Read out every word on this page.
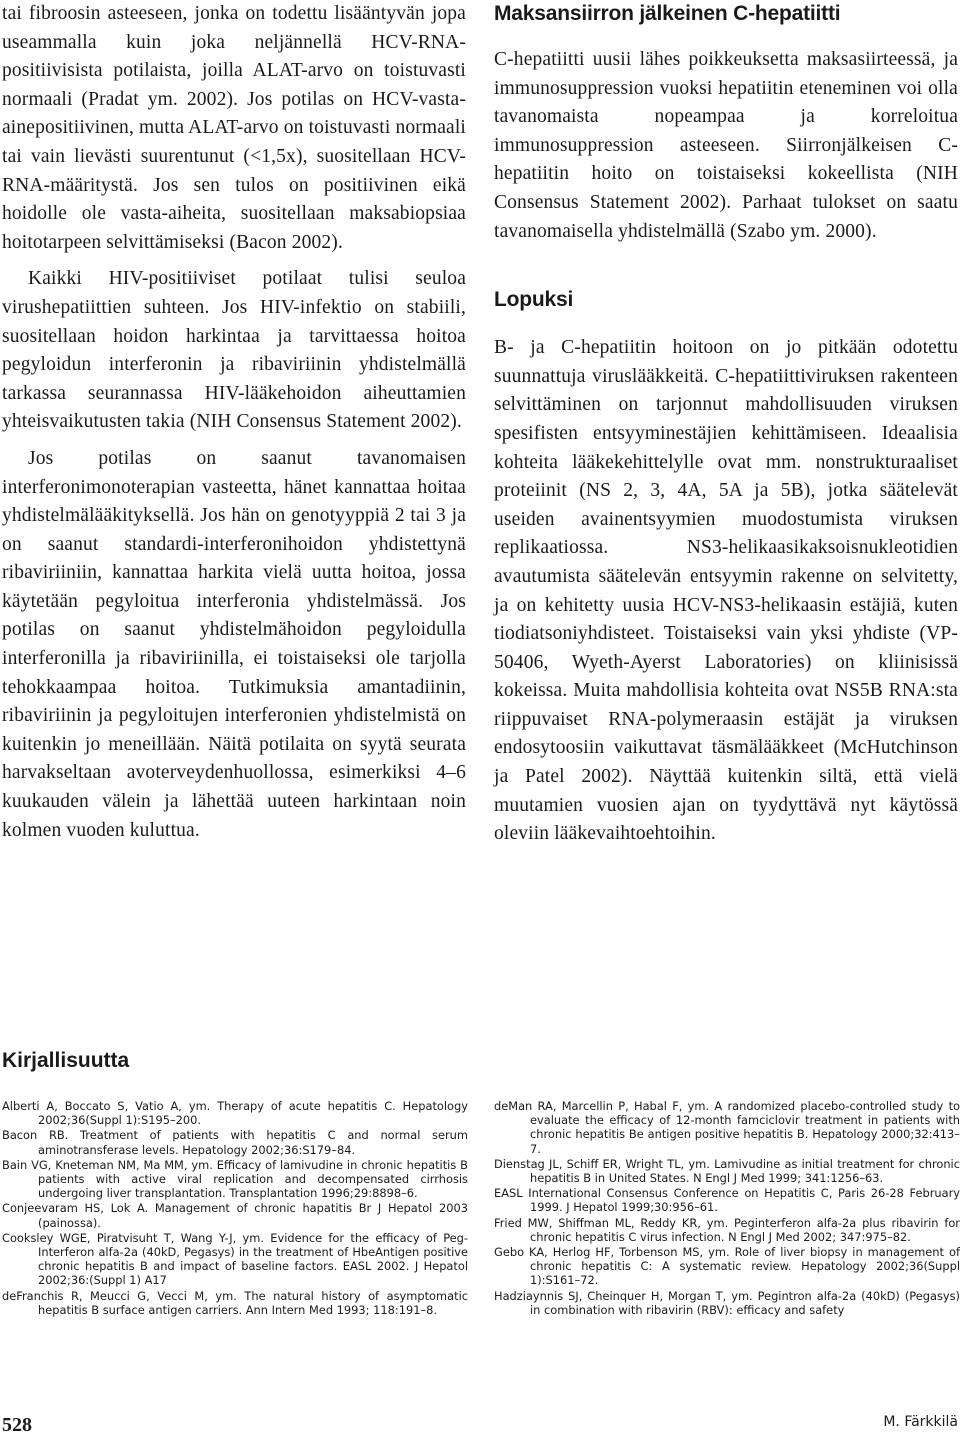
tai fibroosin asteeseen, jonka on todettu lisääntyvän jopa useammalla kuin joka neljännellä HCV-RNA-positiivisista potilaista, joilla ALAT-arvo on toistuvasti normaali (Pradat ym. 2002). Jos potilas on HCV-vasta-ainepositiivinen, mutta ALAT-arvo on toistuvasti normaali tai vain lievästi suurentunut (<1,5x), suositellaan HCV-RNA-määritystä. Jos sen tulos on positiivinen eikä hoidolle ole vasta-aiheita, suositellaan maksabiopsiaa hoitotarpeen selvittämiseksi (Bacon 2002).

Kaikki HIV-positiiviset potilaat tulisi seuloa virushepatiittien suhteen. Jos HIV-infektio on stabiili, suositellaan hoidon harkintaa ja tarvittaessa hoitoa pegyloidun interferonin ja ribaviriinin yhdistelmällä tarkassa seurannassa HIV-lääkehoidon aiheuttamien yhteisvaikutusten takia (NIH Consensus Statement 2002).

Jos potilas on saanut tavanomaisen interferonimonoterapian vasteetta, hänet kannattaa hoitaa yhdistelmälääkityksellä. Jos hän on genotyyppiä 2 tai 3 ja on saanut standardi-interferonihoidon yhdistettynä ribaviriiniin, kannattaa harkita vielä uutta hoitoa, jossa käytetään pegyloitua interferonia yhdistelmässä. Jos potilas on saanut yhdistelmähoidon pegyloidulla interferonilla ja ribaviriinilla, ei toistaiseksi ole tarjolla tehokkaampaa hoitoa. Tutkimuksia amantadiinin, ribaviriinin ja pegyloitujen interferonien yhdistelmistä on kuitenkin jo meneillään. Näitä potilaita on syytä seurata harvakseltaan avoterveydenhuollossa, esimerkiksi 4–6 kuukauden välein ja lähettää uuteen harkintaan noin kolmen vuoden kuluttua.

Maksansiirron jälkeinen C-hepatiitti

C-hepatiitti uusii lähes poikkeuksetta maksasiirteessä, ja immunosuppression vuoksi hepatiitin eteneminen voi olla tavanomaista nopeampaa ja korreloitua immunosuppression asteeseen. Siirronjälkeisen C-hepatiitin hoito on toistaiseksi kokeellista (NIH Consensus Statement 2002). Parhaat tulokset on saatu tavanomaisella yhdistelmällä (Szabo ym. 2000).

Lopuksi

B- ja C-hepatiitin hoitoon on jo pitkään odotettu suunnattuja viruslääkkeitä. C-hepatiittiviruksen rakenteen selvittäminen on tarjonnut mahdollisuuden viruksen spesifisten entsyyminestäjien kehittämiseen. Ideaalisia kohteita lääkekehittelylle ovat mm. nonstrukturaaliset proteiinit (NS 2, 3, 4A, 5A ja 5B), jotka säätelevät useiden avainentsyymien muodostumista viruksen replikaatiossa. NS3-helikaasikaksoisnukleotidien avautumista säätelevän entsyymin rakenne on selvitetty, ja on kehitetty uusia HCV-NS3-helikaasin estäjiä, kuten tiodiatsoniyhdisteet. Toistaiseksi vain yksi yhdiste (VP-50406, Wyeth-Ayerst Laboratories) on kliinisissä kokeissa. Muita mahdollisia kohteita ovat NS5B RNA:sta riippuvaiset RNA-polymeraasin estäjät ja viruksen endosytoosiin vaikuttavat täsmälääkkeet (McHutchinson ja Patel 2002). Näyttää kuitenkin siltä, että vielä muutamien vuosien ajan on tyydyttävä nyt käytössä oleviin lääkevaihtoehtoihin.

Kirjallisuutta

Alberti A, Boccato S, Vatio A, ym. Therapy of acute hepatitis C. Hepatology 2002;36(Suppl 1):S195–200.

Bacon RB. Treatment of patients with hepatitis C and normal serum aminotransferase levels. Hepatology 2002;36:S179–84.

Bain VG, Kneteman NM, Ma MM, ym. Efficacy of lamivudine in chronic hepatitis B patients with active viral replication and decompensated cirrhosis undergoing liver transplantation. Transplantation 1996;29:8898–6.

Conjeevaram HS, Lok A. Management of chronic hapatitis Br J Hepatol 2003 (painossa).

Cooksley WGE, Piratvisuht T, Wang Y-J, ym. Evidence for the efficacy of Peg-Interferon alfa-2a (40kD, Pegasys) in the treatment of HbeAntigen positive chronic hepatitis B and impact of baseline factors. EASL 2002. J Hepatol 2002;36:(Suppl 1) A17

deFranchis R, Meucci G, Vecci M, ym. The natural history of asymptomatic hepatitis B surface antigen carriers. Ann Intern Med 1993; 118:191–8.

deMan RA, Marcellin P, Habal F, ym. A randomized placebo-controlled study to evaluate the efficacy of 12-month famciclovir treatment in patients with chronic hepatitis Be antigen positive hepatitis B. Hepatology 2000;32:413–7.

Dienstag JL, Schiff ER, Wright TL, ym. Lamivudine as initial treatment for chronic hepatitis B in United States. N Engl J Med 1999; 341:1256–63.

EASL International Consensus Conference on Hepatitis C, Paris 26-28 February 1999. J Hepatol 1999;30:956–61.

Fried MW, Shiffman ML, Reddy KR, ym. Peginterferon alfa-2a plus ribavirin for chronic hepatitis C virus infection. N Engl J Med 2002; 347:975–82.

Gebo KA, Herlog HF, Torbenson MS, ym. Role of liver biopsy in management of chronic hepatitis C: A systematic review. Hepatology 2002;36(Suppl 1):S161–72.

Hadziaynnis SJ, Cheinquer H, Morgan T, ym. Pegintron alfa-2a (40kD) (Pegasys) in combination with ribavirin (RBV): efficacy and safety

528	M. Färkkilä
